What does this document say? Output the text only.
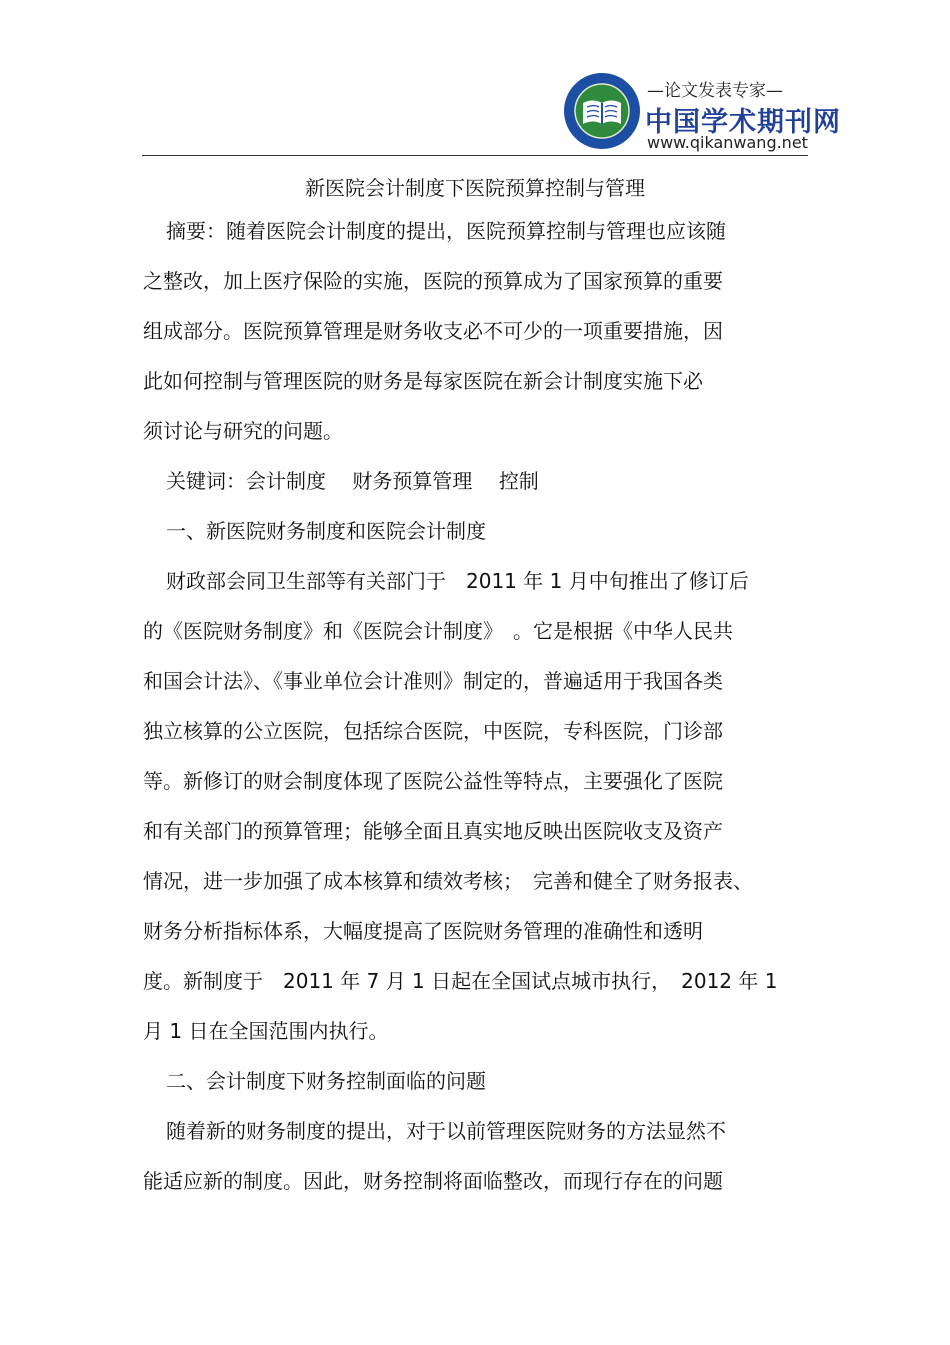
—论文发表专家—
中国学术期刊网
www.qikanwang.net
新医院会计制度下医院预算控制与管理
摘要：随着医院会计制度的提出，医院预算控制与管理也应该随
之整改，加上医疗保险的实施，医院的预算成为了国家预算的重要
组成部分。医院预算管理是财务收支必不可少的一项重要措施，因
此如何控制与管理医院的财务是每家医院在新会计制度实施下必
须讨论与研究的问题。
关键词：会计制度　 财务预算管理　 控制
一、新医院财务制度和医院会计制度
财政部会同卫生部等有关部门于　2011 年 1 月中旬推出了修订后
的《医院财务制度》和《医院会计制度》　。它是根据《中华人民共
和国会计法》、《事业单位会计准则》制定的，普遍适用于我国各类
独立核算的公立医院，包括综合医院，中医院，专科医院，门诊部
等。新修订的财会制度体现了医院公益性等特点，主要强化了医院
和有关部门的预算管理；能够全面且真实地反映出医院收支及资产
情况，进一步加强了成本核算和绩效考核；　完善和健全了财务报表、
财务分析指标体系，大幅度提高了医院财务管理的准确性和透明
度。新制度于　2011 年 7 月 1 日起在全国试点城市执行，　2012 年 1
月 1 日在全国范围内执行。
二、会计制度下财务控制面临的问题
随着新的财务制度的提出，对于以前管理医院财务的方法显然不
能适应新的制度。因此，财务控制将面临整改，而现行存在的问题
